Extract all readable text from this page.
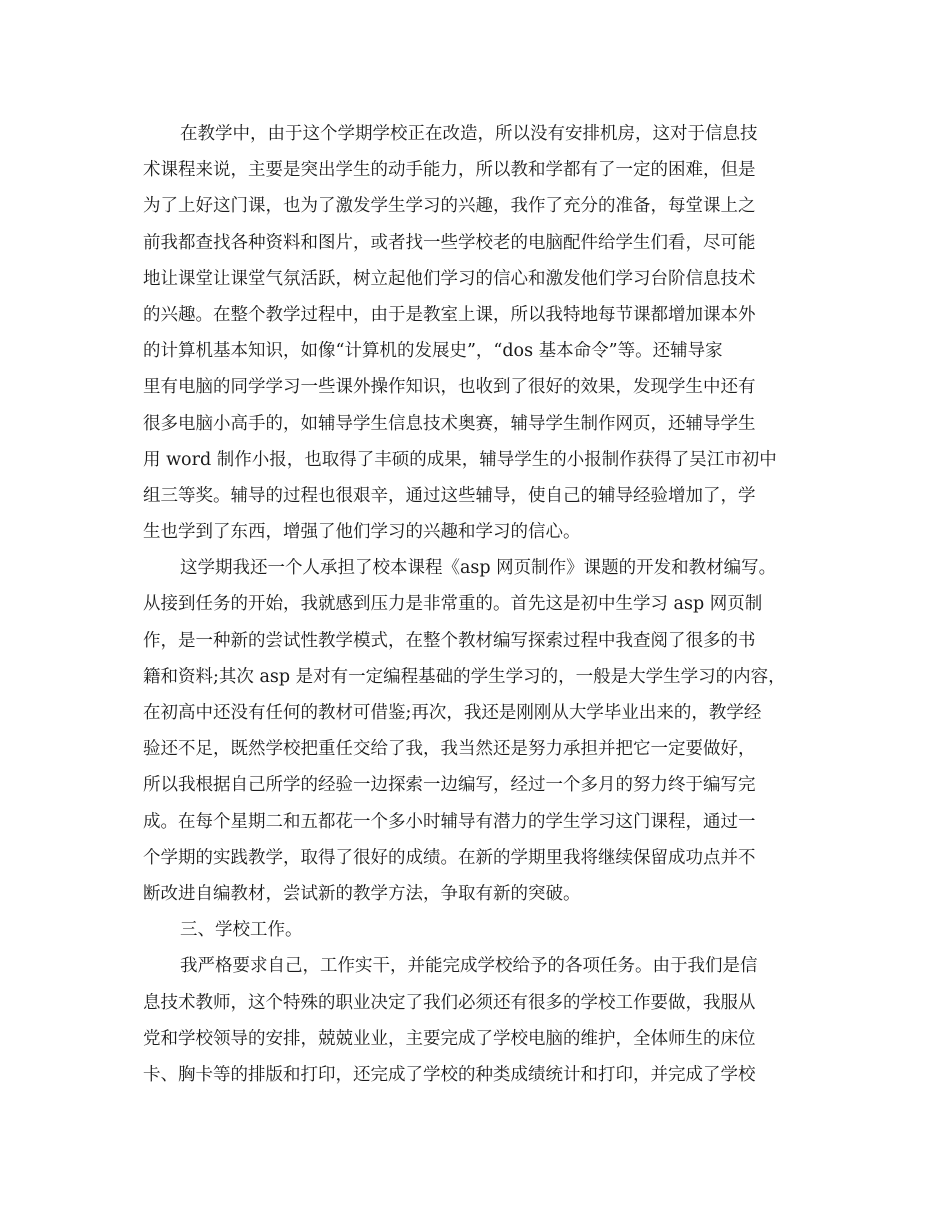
在教学中，由于这个学期学校正在改造，所以没有安排机房，这对于信息技
术课程来说，主要是突出学生的动手能力，所以教和学都有了一定的困难，但是
为了上好这门课，也为了激发学生学习的兴趣，我作了充分的准备，每堂课上之
前我都查找各种资料和图片，或者找一些学校老的电脑配件给学生们看，尽可能
地让课堂让课堂气氛活跃，树立起他们学习的信心和激发他们学习台阶信息技术
的兴趣。在整个教学过程中，由于是教室上课，所以我特地每节课都增加课本外
的计算机基本知识，如像“计算机的发展史”，“dos 基本命令”等。还辅导家
里有电脑的同学学习一些课外操作知识，也收到了很好的效果，发现学生中还有
很多电脑小高手的，如辅导学生信息技术奥赛，辅导学生制作网页，还辅导学生
用 word 制作小报，也取得了丰硕的成果，辅导学生的小报制作获得了吴江市初中
组三等奖。辅导的过程也很艰辛，通过这些辅导，使自己的辅导经验增加了，学
生也学到了东西，增强了他们学习的兴趣和学习的信心。
这学期我还一个人承担了校本课程《asp 网页制作》课题的开发和教材编写。
从接到任务的开始，我就感到压力是非常重的。首先这是初中生学习 asp 网页制
作，是一种新的尝试性教学模式，在整个教材编写探索过程中我查阅了很多的书
籍和资料;其次 asp 是对有一定编程基础的学生学习的，一般是大学生学习的内容，
在初高中还没有任何的教材可借鉴;再次，我还是刚刚从大学毕业出来的，教学经
验还不足，既然学校把重任交给了我，我当然还是努力承担并把它一定要做好，
所以我根据自己所学的经验一边探索一边编写，经过一个多月的努力终于编写完
成。在每个星期二和五都花一个多小时辅导有潜力的学生学习这门课程，通过一
个学期的实践教学，取得了很好的成绩。在新的学期里我将继续保留成功点并不
断改进自编教材，尝试新的教学方法，争取有新的突破。
三、学校工作。
我严格要求自己，工作实干，并能完成学校给予的各项任务。由于我们是信
息技术教师，这个特殊的职业决定了我们必须还有很多的学校工作要做，我服从
党和学校领导的安排，兢兢业业，主要完成了学校电脑的维护，全体师生的床位
卡、胸卡等的排版和打印，还完成了学校的种类成绩统计和打印，并完成了学校
